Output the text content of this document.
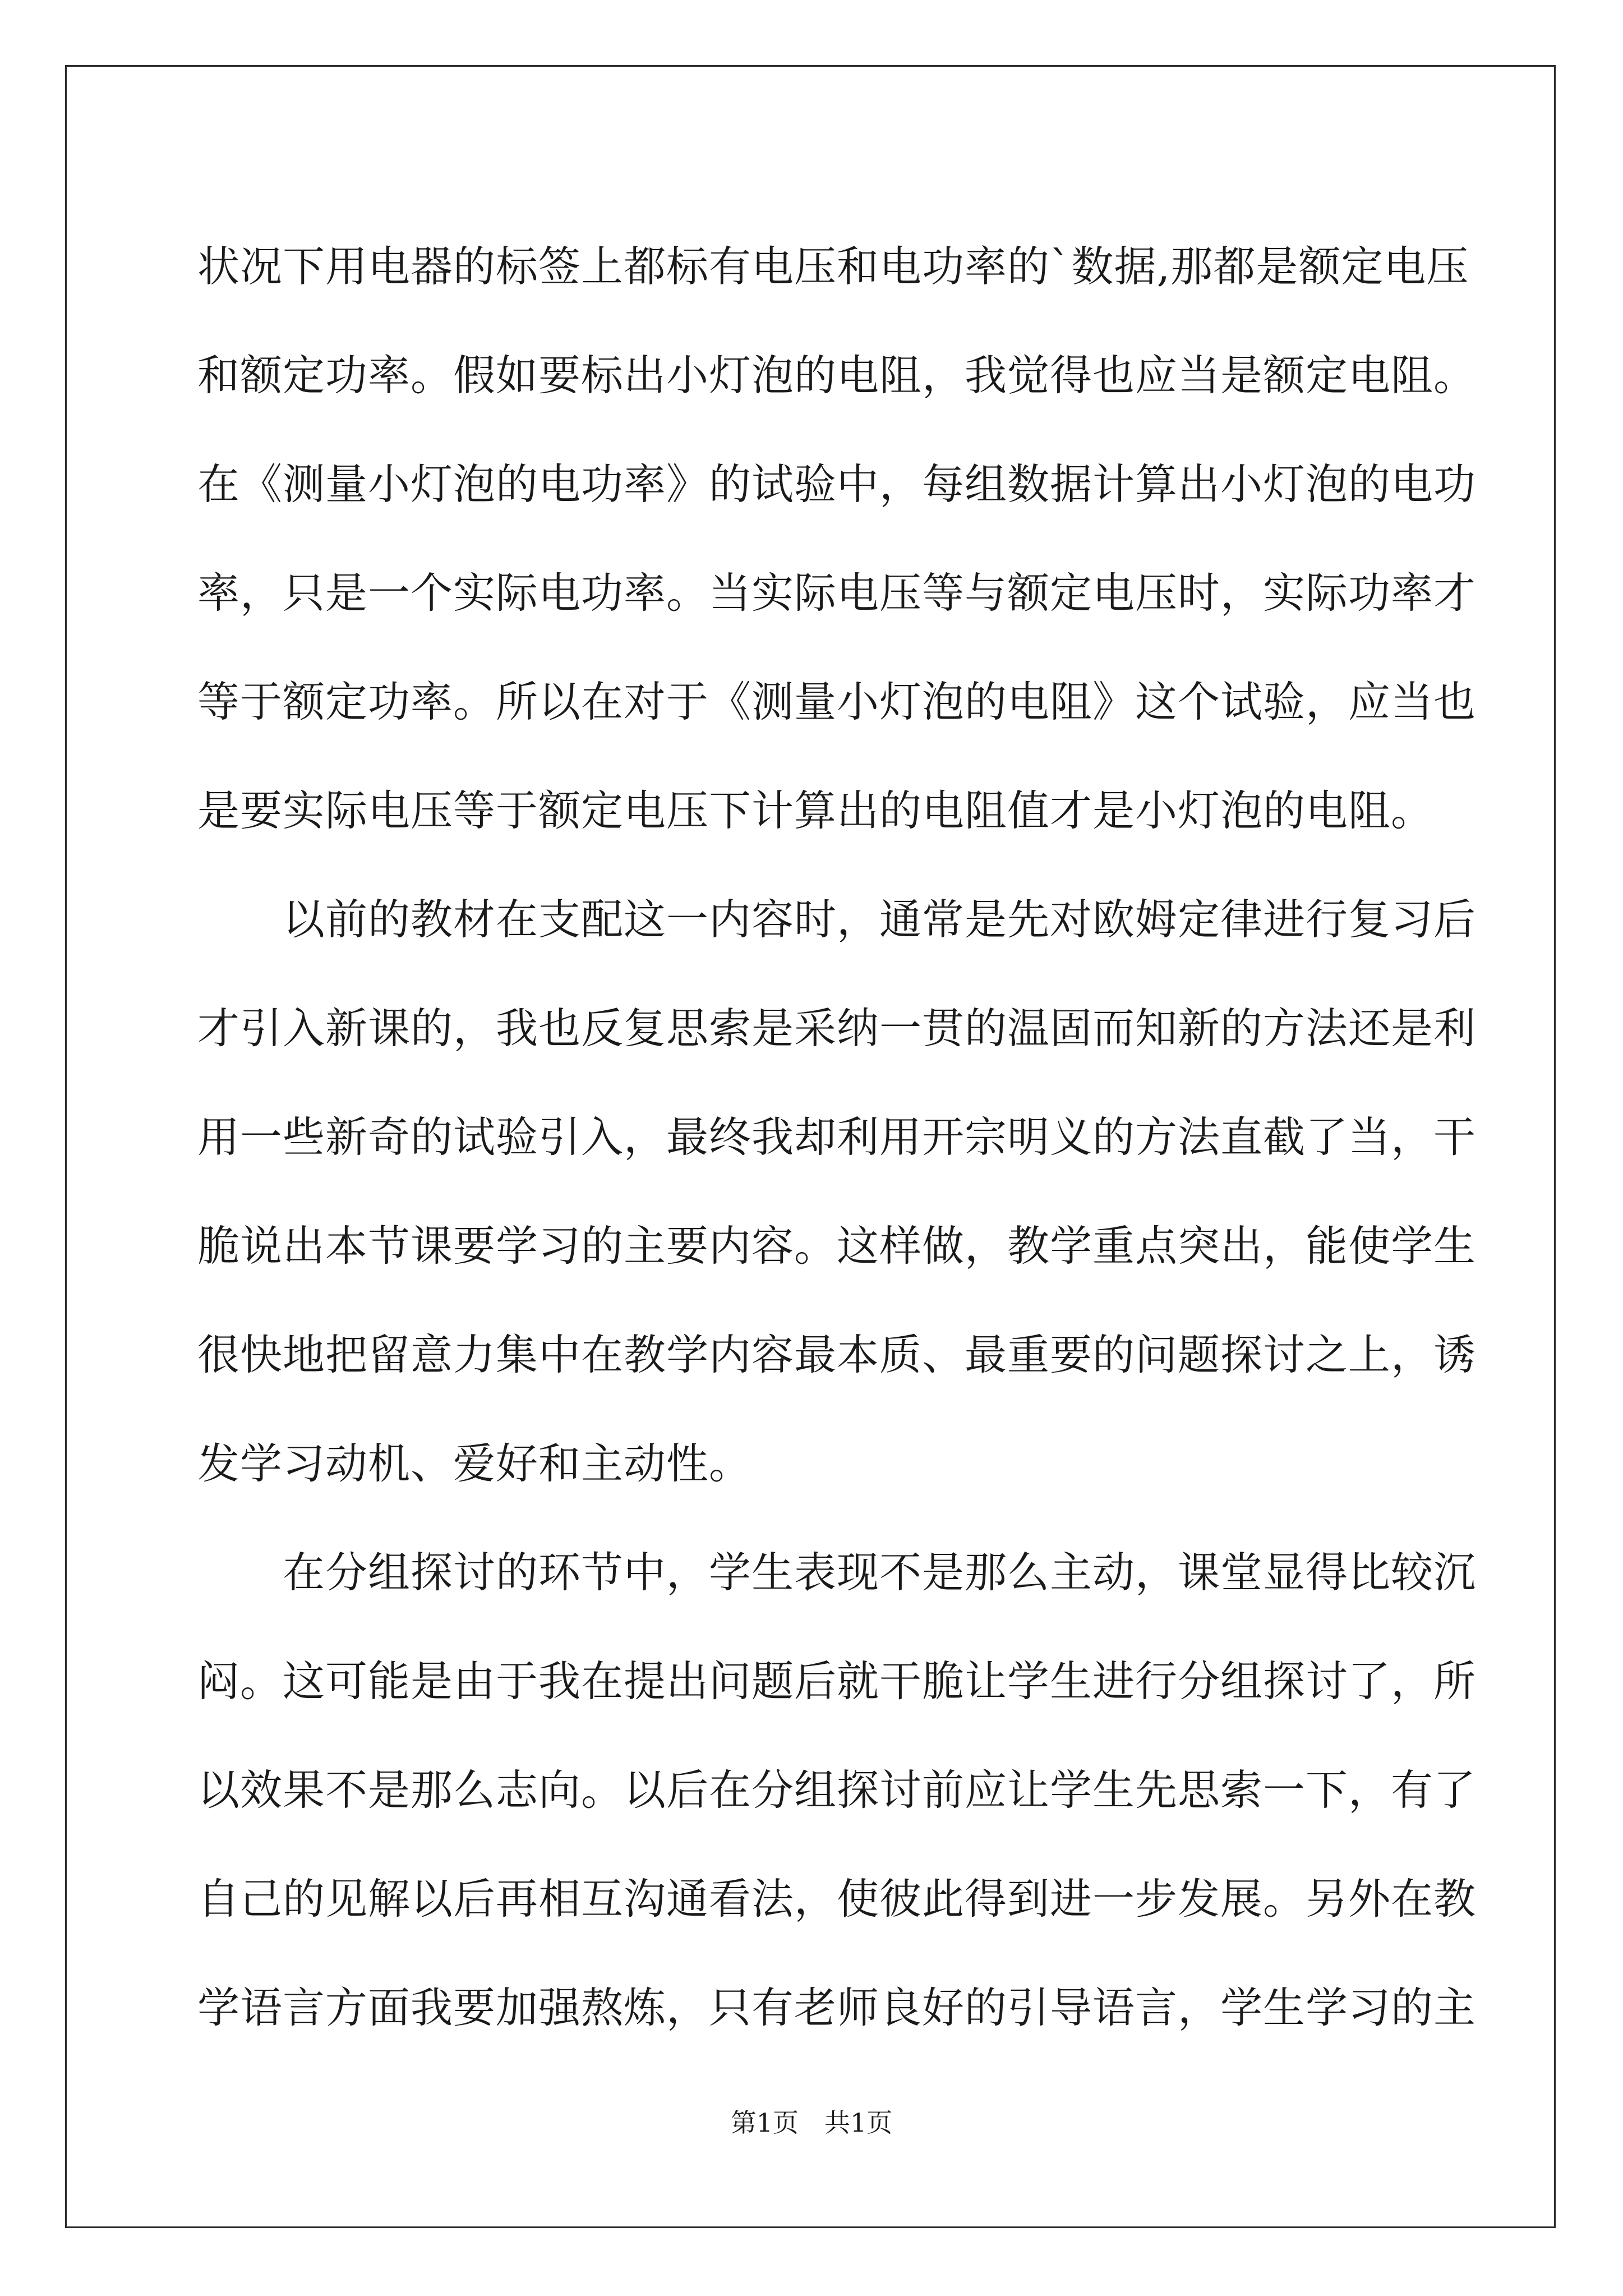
状况下用电器的标签上都标有电压和电功率的`数据,那都是额定电压
和额定功率。假如要标出小灯泡的电阻，我觉得也应当是额定电阻。
在《测量小灯泡的电功率》的试验中，每组数据计算出小灯泡的电功
率，只是一个实际电功率。当实际电压等与额定电压时，实际功率才
等于额定功率。所以在对于《测量小灯泡的电阻》这个试验，应当也
是要实际电压等于额定电压下计算出的电阻值才是小灯泡的电阻。
　　以前的教材在支配这一内容时，通常是先对欧姆定律进行复习后
才引入新课的，我也反复思索是采纳一贯的温固而知新的方法还是利
用一些新奇的试验引入，最终我却利用开宗明义的方法直截了当，干
脆说出本节课要学习的主要内容。这样做，教学重点突出，能使学生
很快地把留意力集中在教学内容最本质、最重要的问题探讨之上，诱
发学习动机、爱好和主动性。
　　在分组探讨的环节中，学生表现不是那么主动，课堂显得比较沉
闷。这可能是由于我在提出问题后就干脆让学生进行分组探讨了，所
以效果不是那么志向。以后在分组探讨前应让学生先思索一下，有了
自己的见解以后再相互沟通看法，使彼此得到进一步发展。另外在教
学语言方面我要加强熬炼，只有老师良好的引导语言，学生学习的主
第1页　共1页
